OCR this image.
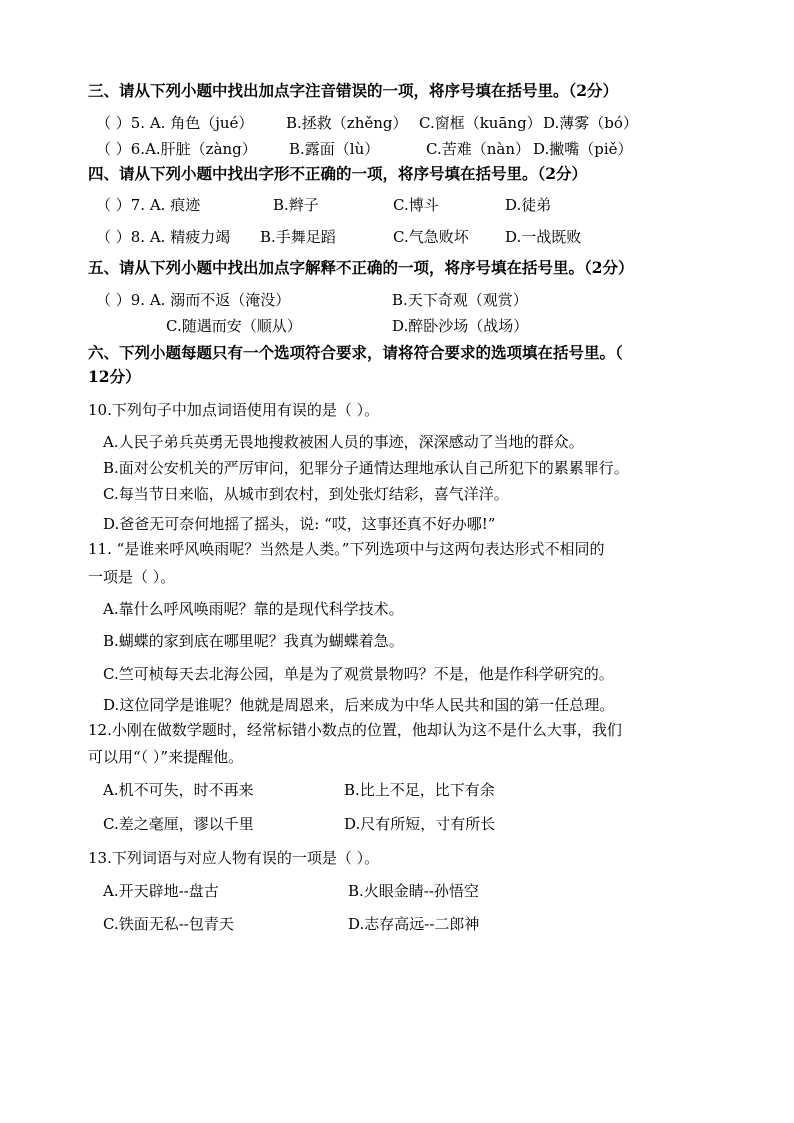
三、请从下列小题中找出加点字注音错误的一项，将序号填在括号里。（2分）
（ ）5. A. 角色（jué） B.拯救（zhěng） C.窗框（kuāng） D.薄雾（bó）
（ ）6.A.肝脏（zàng） B.露面（lù）	C.苦难（nàn） D.撇嘴（piě）
四、请从下列小题中找出字形不正确的一项，将序号填在括号里。（2分）
（ ）7. A. 痕迹	B.辫子	C.博斗	D.徒弟
（ ）8. A. 精疲力竭 B.手舞足蹈	C.气急败坏 D.一战既败
五、请从下列小题中找出加点字解释不正确的一项，将序号填在括号里。（2分）
（ ）9. A. 溺而不返（淹没）	B.天下奇观（观赏）
C.随遇而安（顺从）	D.醉卧沙场（战场）
六、下列小题每题只有一个选项符合要求，请将符合要求的选项填在括号里。（
12分）
10.下列句子中加点词语使用有误的是（ ）。
A.人民子弟兵英勇无畏地搜救被困人员的事迹，深深感动了当地的群众。
B.面对公安机关的严厉审问，犯罪分子通情达理地承认自己所犯下的累累罪行。
C.每当节日来临，从城市到农村，到处张灯结彩，喜气洋洋。
D.爸爸无可奈何地摇了摇头，说: “哎，这事还真不好办哪!”
11. “是谁来呼风唤雨呢？当然是人类。”下列选项中与这两句表达形式不相同的
一项是（ ）。
A.靠什么呼风唤雨呢？靠的是现代科学技术。
B.蝴蝶的家到底在哪里呢？我真为蝴蝶着急。
C.竺可桢每天去北海公园，单是为了观赏景物吗？不是，他是作科学研究的。
D.这位同学是谁呢？他就是周恩来，后来成为中华人民共和国的第一任总理。
12.小刚在做数学题时，经常标错小数点的位置，他却认为这不是什么大事，我们
可以用“（ ）”来提醒他。
A.机不可失，时不再来	B.比上不足，比下有余
C.差之毫厘，谬以千里	D.尺有所短，寸有所长
13.下列词语与对应人物有误的一项是（ ）。
A.开天辟地--盘古	B.火眼金睛--孙悟空
C.铁面无私--包青天	D.志存高远--二郎神
